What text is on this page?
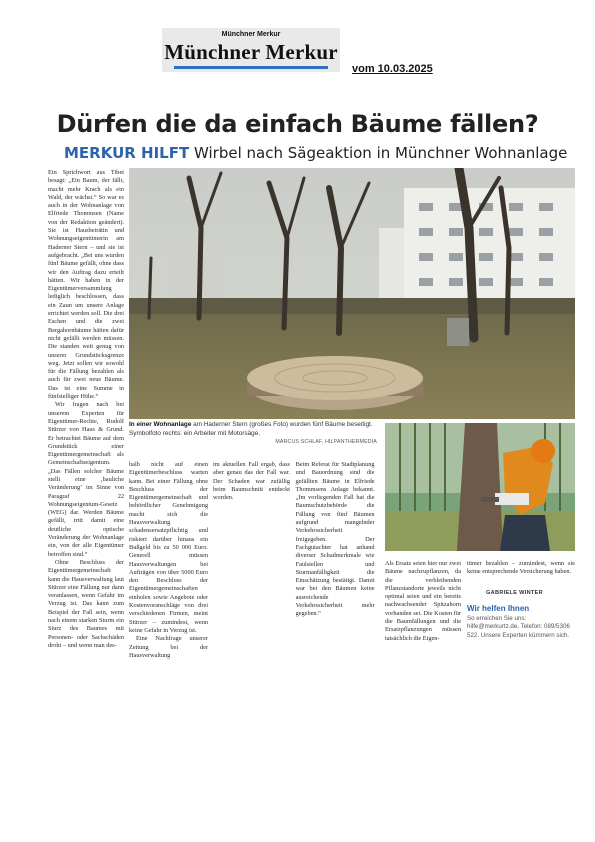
Münchner Merkur
Münchner Merkur
vom 10.03.2025
Dürfen die da einfach Bäume fällen?
MERKUR HILFT Wirbel nach Sägeaktion in Münchner Wohnanlage

Ein Sprichwort aus Tibet besagt: „Ein Baum, der fällt, macht mehr Krach als ein Wald, der wächst.“ So war es auch in der Wohnanlage von Elfriede Thommsen (Name von der Redaktion geändert). Sie ist Hausbeirätin und Wohnungseigentümerin am Haderner Stern – und sie ist aufgebracht. „Bei uns wurden fünf Bäume gefällt, ohne dass wir den Auftrag dazu erteilt hätten. Wir haben in der Eigentümerversammlung lediglich beschlossen, dass ein Zaun um unsere Anlage errichtet werden soll. Die drei Eschen und die zwei Bergahornbäume hätten dafür nicht gefällt werden müssen. Die standen weit genug von unserer Grundstücksgrenze weg. Jetzt sollen wir sowohl für die Fällung bezahlen als auch für zwei neue Bäume. Das ist eine Summe in fünfstelliger Höhe.“

Wir fragen nach bei unserem Experten für Eigentümer-Rechte, Rudolf Stürzer von Haus & Grund. Er betrachtet Bäume auf dem Grundstück einer Eigentümergemeinschaft als Gemeinschaftseigentum. „Das Fällen solcher Bäume stellt eine ‚bauliche Veränderung‘ im Sinne von Paragraf 22 Wohnungseigentum-Gesetz (WEG) dar. Werden Bäume gefällt, tritt damit eine deutliche optische Veränderung der Wohnanlage ein, von der alle Eigentümer betroffen sind.“

Ohne Beschluss der Eigentümergemeinschaft kann die Hausverwaltung laut Stürzer eine Fällung nur dann veranlassen, wenn Gefahr im Verzug ist. Das kann zum Beispiel der Fall sein, wenn nach einem starken Sturm ein Sturz des Baumes mit Personen- oder Sachschäden droht – und wenn man des-

In einer Wohnanlage am Haderner Stern (großes Foto) wurden fünf Bäume beseitigt. Symbolfoto rechts: ein Arbeiter mit Motorsäge.
MARCUS SCHLAF, HILPANTHERMEDIA

halb nicht auf einen Eigentümerbeschluss warten kann. Bei einer Fällung ohne Beschluss der Eigentümergemeinschaft und behördlicher Genehmigung macht sich die Hausverwaltung schadensersatzpflichtig und riskiert darüber hinaus ein Bußgeld bis zu 50 000 Euro. Generell müssen Hausverwaltungen bei Aufträgen von über 5000 Euro den Beschluss der Eigentümergemeinschaften einholen sowie Angebote oder Kostenvoranschläge von drei verschiedenen Firmen, meint Stürzer – zumindest, wenn keine Gefahr in Verzug ist.

Eine Nachfrage unserer Zeitung bei der Hausverwaltung

im aktuellen Fall ergab, dass aber genau das der Fall war. Der Schaden war zufällig beim Baumschnitt entdeckt worden.

Beim Referat für Stadtplanung und Bauordnung sind die gefällten Bäume in Elfriede Thommsens Anlage bekannt. „Im vorliegenden Fall hat die Baumschutzbehörde die Fällung von fünf Bäumen aufgrund mangelnder Verkehrssicherheit freigegeben. Der Fachgutachter hat anhand diverser Schadmerkmale wie Faulstellen und Sturmanfälligkeit die Einschätzung bestätigt. Damit war bei den Bäumen keine ausreichende Verkehrssicherheit mehr gegeben.“

Als Ersatz seien hier nur zwei Bäume nachzupflanzen, da die verbleibenden Pflanzstandorte jeweils nicht optimal seien und ein bereits nachwachsender Spitzahorn vorhanden sei. Die Kosten für die Baumfällungen und die Ersatzpflanzungen müssen tatsächlich die Eigen-

tümer bezahlen – zumindest, wenn sie keine entsprechende Versicherung haben.

GABRIELE WINTER
Wir helfen Ihnen
So erreichen Sie uns: hilfe@merkurtz.de, Telefon: 089/5306 522. Unsere Experten kümmern sich.
